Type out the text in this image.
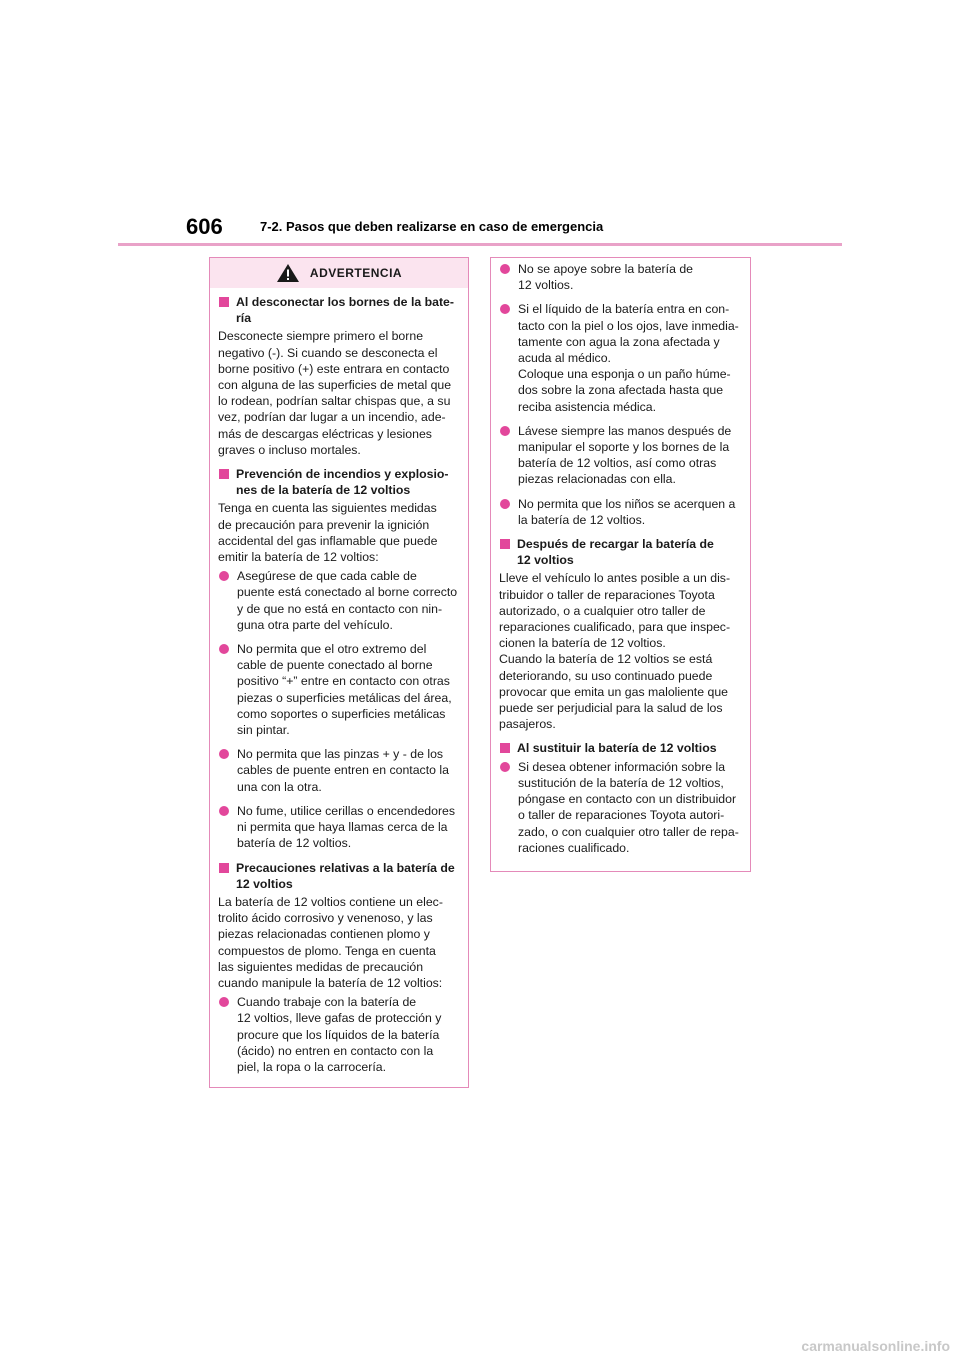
606	7-2. Pasos que deben realizarse en caso de emergencia
ADVERTENCIA
Al desconectar los bornes de la bate-
ría
Desconecte siempre primero el borne
negativo (-). Si cuando se desconecta el
borne positivo (+) este entrara en contacto
con alguna de las superficies de metal que
lo rodean, podrían saltar chispas que, a su
vez, podrían dar lugar a un incendio, ade-
más de descargas eléctricas y lesiones
graves o incluso mortales.
Prevención de incendios y explosio-
nes de la batería de 12 voltios
Tenga en cuenta las siguientes medidas
de precaución para prevenir la ignición
accidental del gas inflamable que puede
emitir la batería de 12 voltios:
Asegúrese de que cada cable de
puente está conectado al borne correcto
y de que no está en contacto con nin-
guna otra parte del vehículo.
No permita que el otro extremo del
cable de puente conectado al borne
positivo “+” entre en contacto con otras
piezas o superficies metálicas del área,
como soportes o superficies metálicas
sin pintar.
No permita que las pinzas + y - de los
cables de puente entren en contacto la
una con la otra.
No fume, utilice cerillas o encendedores
ni permita que haya llamas cerca de la
batería de 12 voltios.
Precauciones relativas a la batería de
12 voltios
La batería de 12 voltios contiene un elec-
trolito ácido corrosivo y venenoso, y las
piezas relacionadas contienen plomo y
compuestos de plomo. Tenga en cuenta
las siguientes medidas de precaución
cuando manipule la batería de 12 voltios:
Cuando trabaje con la batería de
12 voltios, lleve gafas de protección y
procure que los líquidos de la batería
(ácido) no entren en contacto con la
piel, la ropa o la carrocería.
No se apoye sobre la batería de
12 voltios.
Si el líquido de la batería entra en con-
tacto con la piel o los ojos, lave inmedia-
tamente con agua la zona afectada y
acuda al médico.
Coloque una esponja o un paño húme-
dos sobre la zona afectada hasta que
reciba asistencia médica.
Lávese siempre las manos después de
manipular el soporte y los bornes de la
batería de 12 voltios, así como otras
piezas relacionadas con ella.
No permita que los niños se acerquen a
la batería de 12 voltios.
Después de recargar la batería de
12 voltios
Lleve el vehículo lo antes posible a un dis-
tribuidor o taller de reparaciones Toyota
autorizado, o a cualquier otro taller de
reparaciones cualificado, para que inspec-
cionen la batería de 12 voltios.
Cuando la batería de 12 voltios se está
deteriorando, su uso continuado puede
provocar que emita un gas maloliente que
puede ser perjudicial para la salud de los
pasajeros.
Al sustituir la batería de 12 voltios
Si desea obtener información sobre la
sustitución de la batería de 12 voltios,
póngase en contacto con un distribuidor
o taller de reparaciones Toyota autori-
zado, o con cualquier otro taller de repa-
raciones cualificado.
carmanualsonline.info
